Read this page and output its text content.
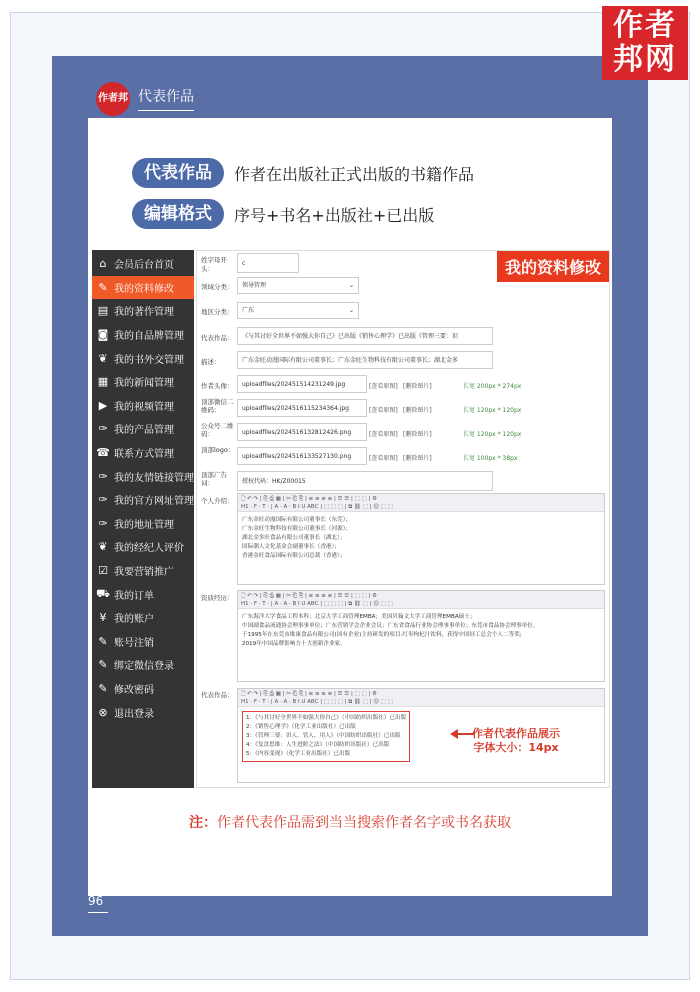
作者
邦网
作者邦 代表作品
代表作品	作者在出版社正式出版的书籍作品
编辑格式	序号+书名+出版社+已出版
⌂ 会员后台首页
✎ 我的资料修改
▤ 我的著作管理
◙ 我的自品牌管理
❦ 我的书外交管理
▦ 我的新闻管理
▶ 我的视频管理
✑ 我的产品管理
☎ 联系方式管理
✑ 我的友情链接管理
✑ 我的官方网址管理
✑ 我的地址管理
❦ 我的经纪人评价
☑ 我要营销推广
⛟ 我的订单
¥ 我的账户
✎ 账号注销
✎ 绑定微信登录
✎ 修改密码
⊗ 退出登录
我的资料修改
姓字母开头：
c
领域分类：	领导管理	⌄
地区分类：	广东	⌄
代表作品：	《与其讨好全世界不如强大你自己》已出版《销售心理学》已出版《管理三要：识
描述：	广东金旺动漫国际有限公司董事长；广东金旺生物科技有限公司董事长；湖北金多
作者头像：	uploadfiles/202451514231249.jpg	[查看原图] [删除图片]	长宽 200px * 274px
顶部微信二维码：	uploadfiles/2024516115234364.jpg	[查看原图] [删除图片]	长宽 120px * 120px
公众号二维码：	uploadfiles/2024516132812426.png	[查看原图] [删除图片]	长宽 120px * 120px
顶部logo：
uploadfiles/2024516133527130.png	[查看原图] [删除图片]	长宽 100px * 38px
顶部广告词：	授权代码：HK/Z00015
个人介绍： 🗋 ↶ ↷ | ⎘ ⎙ ▦ | ✂ ⎗ ⎘ | ≡ ≡ ≡ ≡ | ☰ ☰ | ⬚ ⬚ | ⚙
H1 · F · T · | A · A · B I U ABC | ⬚ ⬚ ⬚ | ⧉ ⛓ ⬚ | ☺ ⬚ ⬚
广东金旺动漫国际有限公司董事长（东莞）；
广东金旺生物科技有限公司董事长（河源）；
湖北金多旺食品有限公司董事长（湖北）；
国际潮人文化基金会副董事长（香港）；
香港金旺食品国际有限公司总裁（香港）；
资质经历： 🗋 ↶ ↷ | ⎘ ⎙ ▦ | ✂ ⎗ ⎘ | ≡ ≡ ≡ ≡ | ☰ ☰ | ⬚ ⬚ | ⚙
H1 · F · T · | A · A · B I U ABC | ⬚ ⬚ ⬚ | ⧉ ⛓ ⬚ | ☺ ⬚ ⬚
广东海洋大学食品工程本科；北京大学工商管理EMBA；美国贝翰文大学工商管理EMBA硕士；
中国副食品流通协会理事事单位；广东营销学会企业会员；广东省食品行业协会理事事单位；东莞市食品协会理事单位。
于1995年在东莞市维康食品有限公司(国有企业)主持研发的项目:红枣枸杞汁饮料，获得中国轻工总会个人二等奖;
2019年中国品牌影响力十大创新企业家。
代表作品： 🗋 ↶ ↷ | ⎘ ⎙ ▦ | ✂ ⎗ ⎘ | ≡ ≡ ≡ ≡ | ☰ ☰ | ⬚ ⬚ | ⚙
H1 · F · T · | A · A · B I U ABC | ⬚ ⬚ ⬚ | ⧉ ⛓ ⬚ | ☺ ⬚ ⬚
1：《与其讨好全世界不如强大你自己》（中国纺织出版社）已出版
2：《销售心理学》（化学工业出版社）已出版
3：《管理三要：识人、管人、用人》（中国纺织出版社）已出版
4：《复盘思维：人生进阶之法》（中国纺织出版社）已出版
5：《内容变现》（化学工业出版社）已出版
作者代表作品展示
字体大小：14px
注：作者代表作品需到当当搜索作者名字或书名获取
96
